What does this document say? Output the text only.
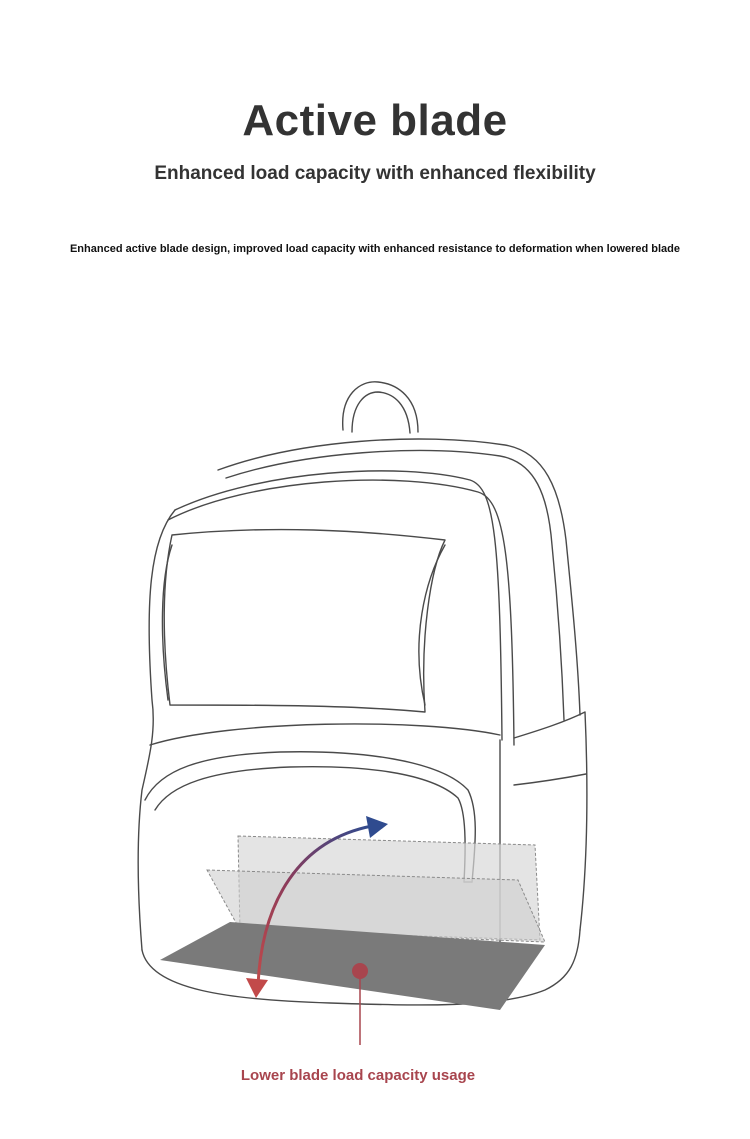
Active blade
Enhanced load capacity with enhanced flexibility
Enhanced active blade design, improved load capacity with enhanced resistance to deformation when lowered blade
Lower blade load capacity usage
